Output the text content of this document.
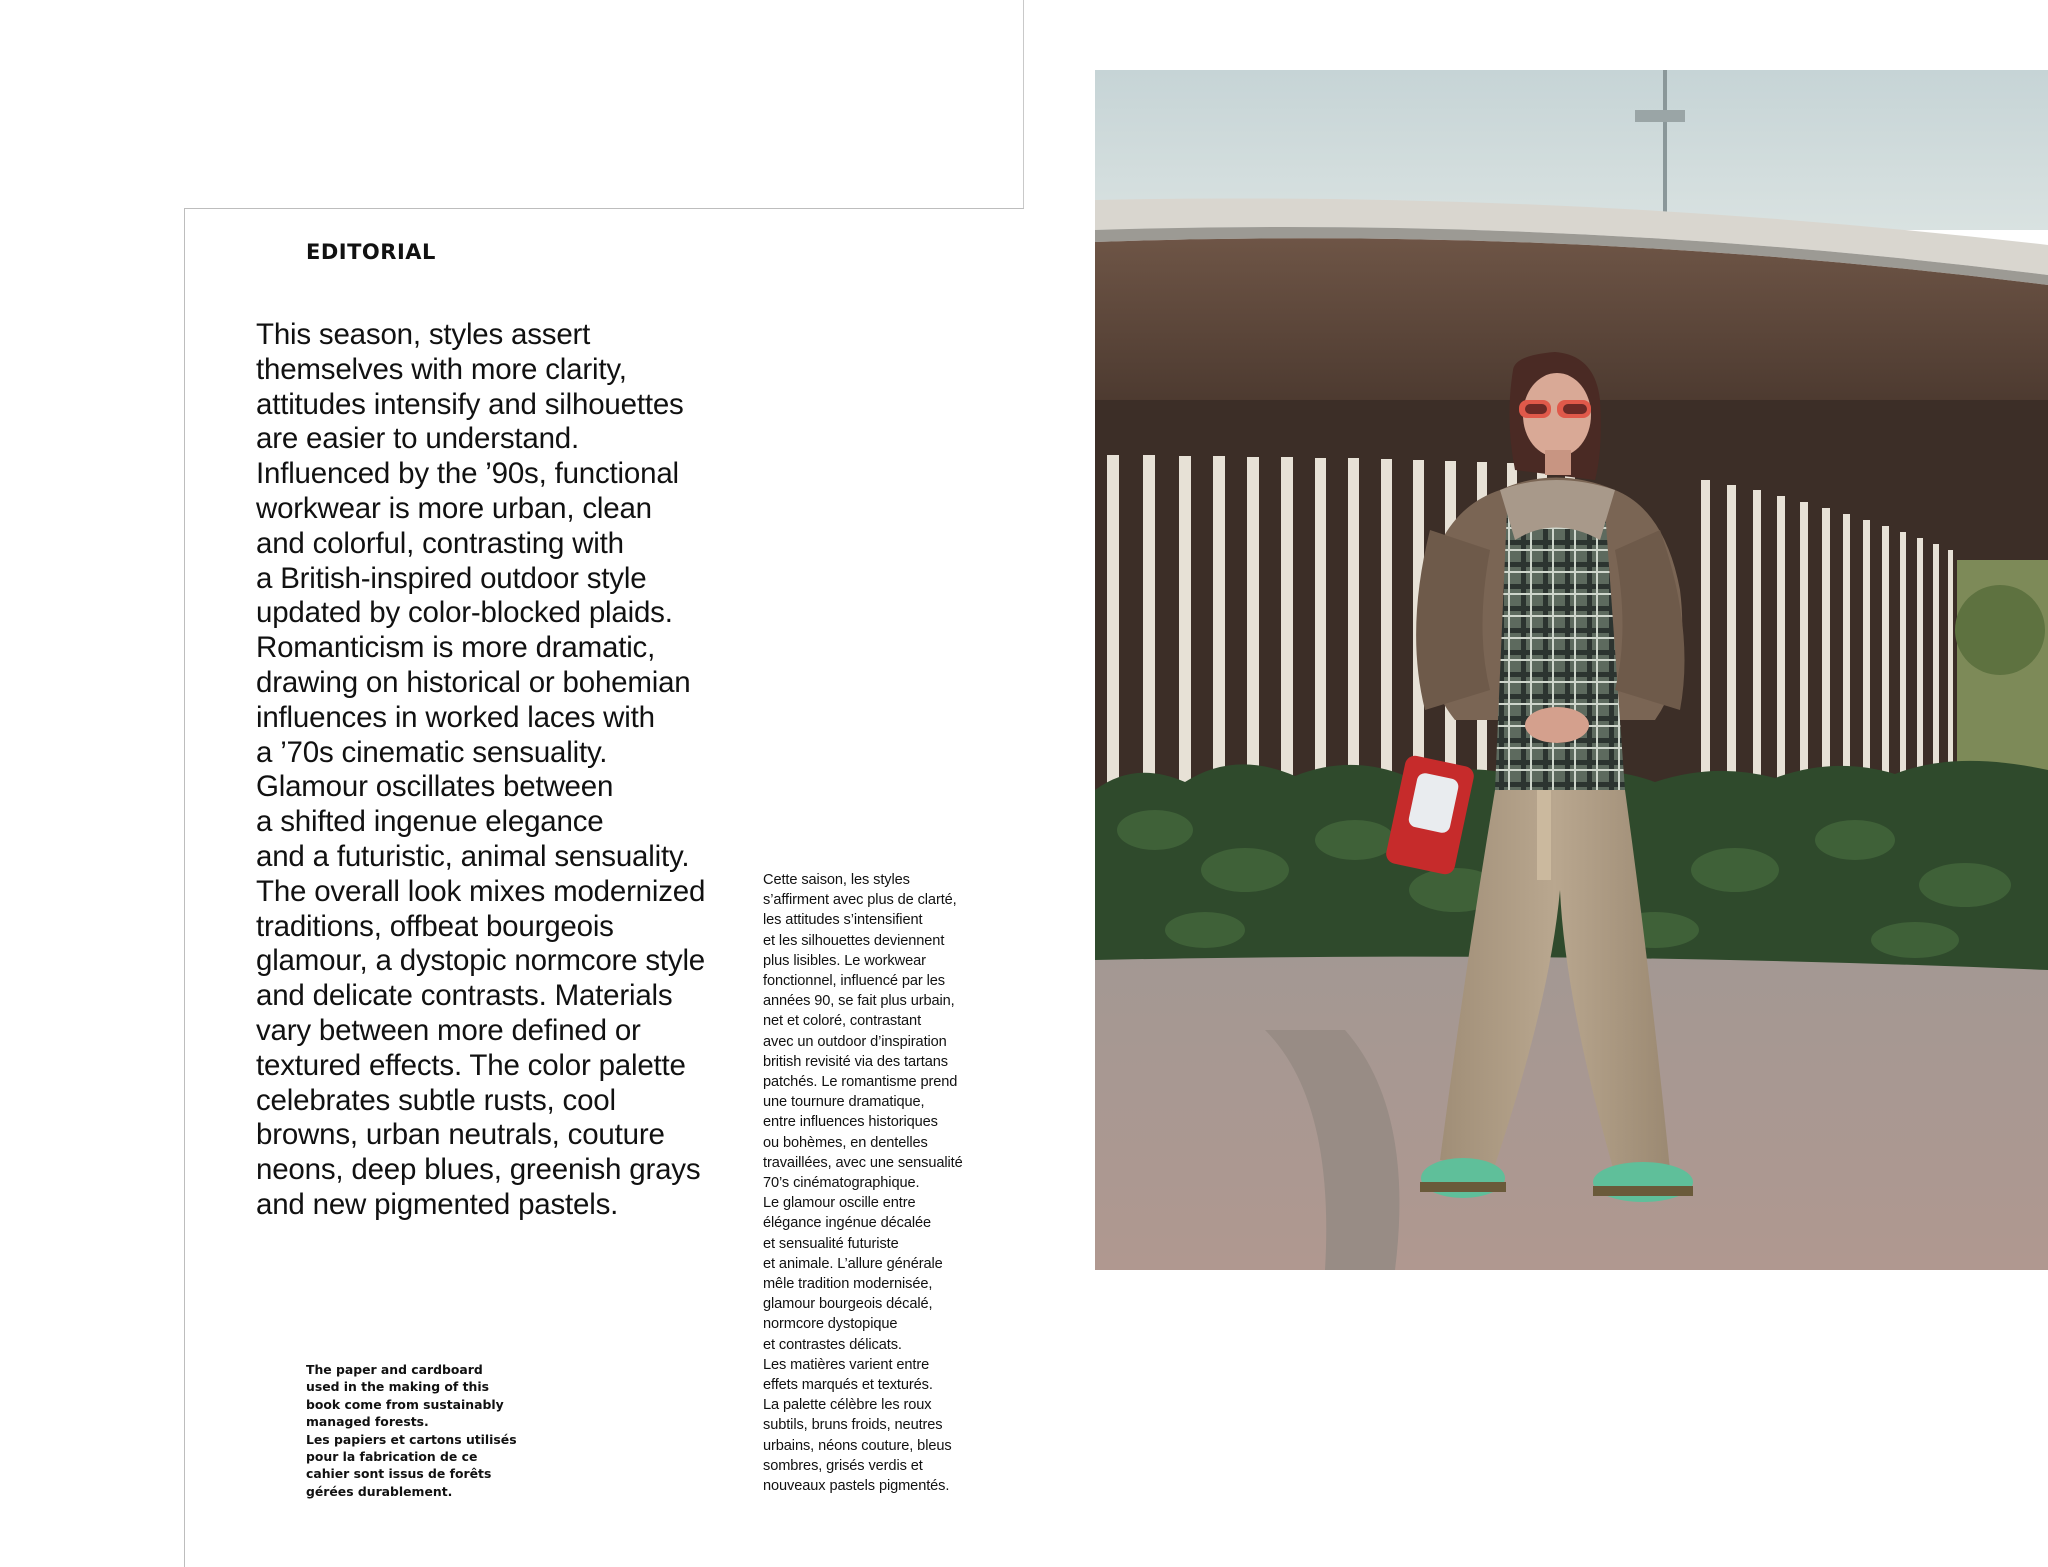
EDITORIAL
This season, styles assert
themselves with more clarity,
attitudes intensify and silhouettes
are easier to understand.
Influenced by the ’90s, functional
workwear is more urban, clean
and colorful, contrasting with
a British-inspired outdoor style
updated by color-blocked plaids.
Romanticism is more dramatic,
drawing on historical or bohemian
influences in worked laces with
a ’70s cinematic sensuality.
Glamour oscillates between
a shifted ingenue elegance
and a futuristic, animal sensuality.
The overall look mixes modernized
traditions, offbeat bourgeois
glamour, a dystopic normcore style
and delicate contrasts. Materials
vary between more defined or
textured effects. The color palette
celebrates subtle rusts, cool
browns, urban neutrals, couture
neons, deep blues, greenish grays
and new pigmented pastels.
Cette saison, les styles
s’affirment avec plus de clarté,
les attitudes s’intensifient
et les silhouettes deviennent
plus lisibles. Le workwear
fonctionnel, influencé par les
années 90, se fait plus urbain,
net et coloré, contrastant
avec un outdoor d’inspiration
british revisité via des tartans
patchés. Le romantisme prend
une tournure dramatique,
entre influences historiques
ou bohèmes, en dentelles
travaillées, avec une sensualité
70’s cinématographique.
Le glamour oscille entre
élégance ingénue décalée
et sensualité futuriste
et animale. L’allure générale
mêle tradition modernisée,
glamour bourgeois décalé,
normcore dystopique
et contrastes délicats.
Les matières varient entre
effets marqués et texturés.
La palette célèbre les roux
subtils, bruns froids, neutres
urbains, néons couture, bleus
sombres, grisés verdis et
nouveaux pastels pigmentés.
The paper and cardboard
used in the making of this
book come from sustainably
managed forests.
Les papiers et cartons utilisés
pour la fabrication de ce
cahier sont issus de forêts
gérées durablement.
